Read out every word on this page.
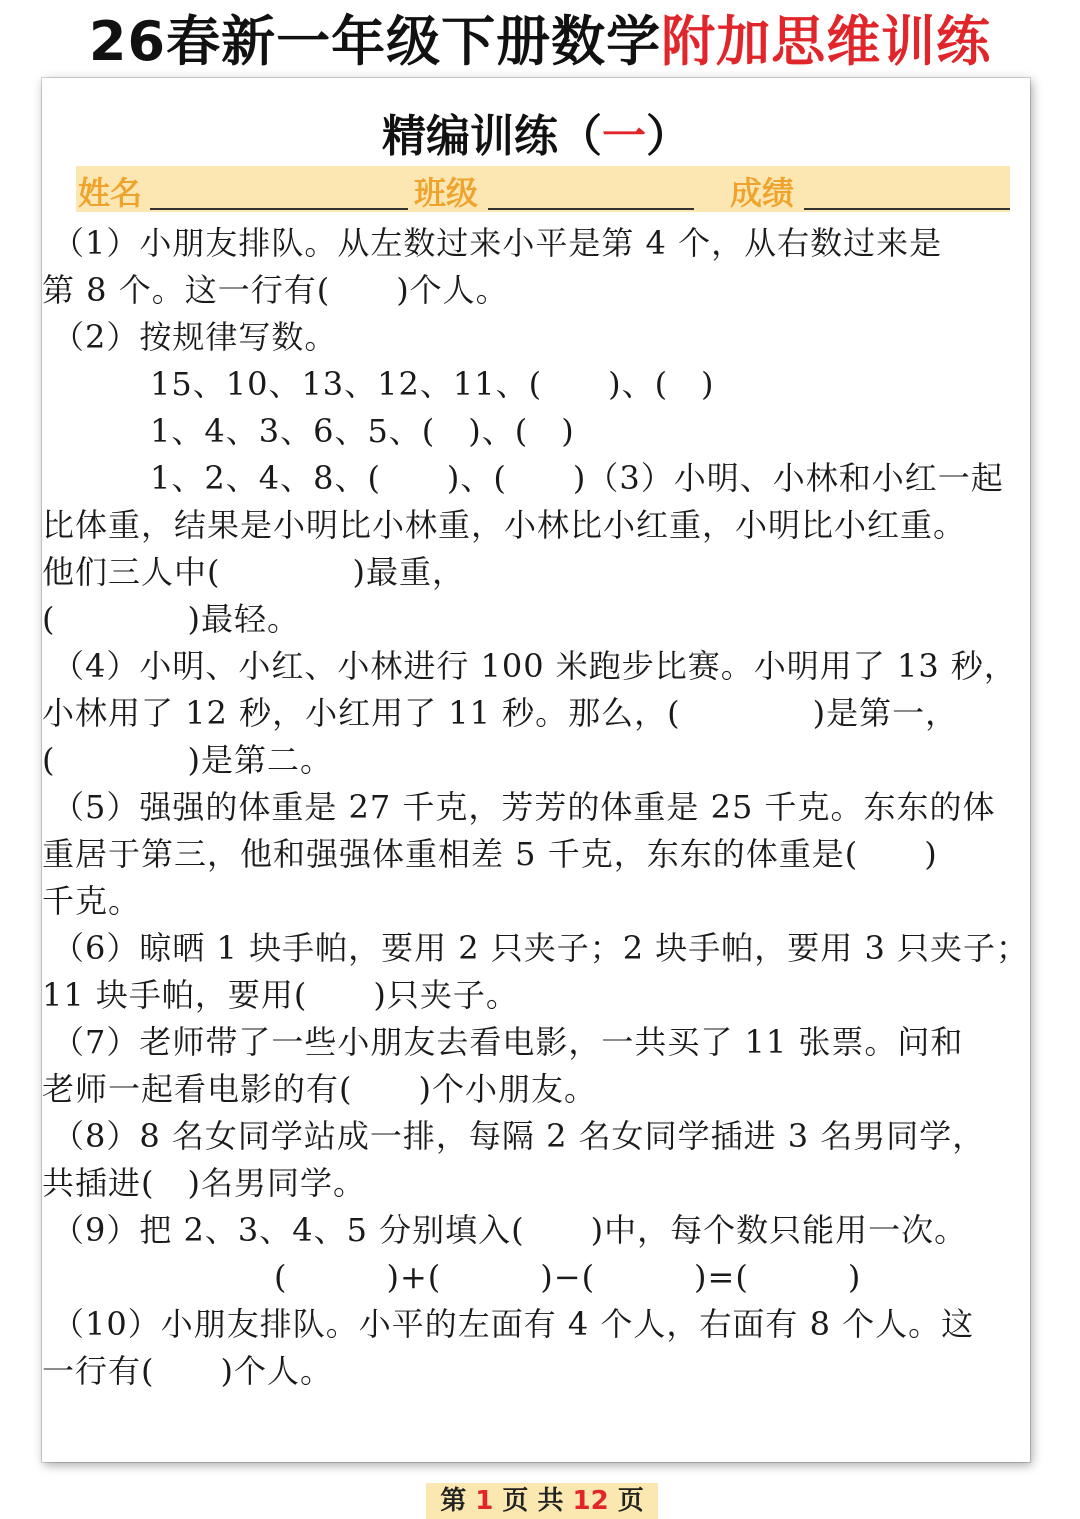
26春新一年级下册数学附加思维训练
精编训练（一）
姓名	班级	成绩
（1）小朋友排队。从左数过来小平是第 4 个，从右数过来是
第 8 个。这一行有(　　)个人。
（2）按规律写数。
15、10、13、12、11、(　　)、(　)
1、4、3、6、5、(　)、(　)
1、2、4、8、(　　)、(　　)（3）小明、小林和小红一起
比体重，结果是小明比小林重，小林比小红重，小明比小红重。
他们三人中(　　　　)最重，
(　　　　)最轻。
（4）小明、小红、小林进行 100 米跑步比赛。小明用了 13 秒，
小林用了 12 秒，小红用了 11 秒。那么，(　　　　)是第一，
(　　　　)是第二。
（5）强强的体重是 27 千克，芳芳的体重是 25 千克。东东的体
重居于第三，他和强强体重相差 5 千克，东东的体重是(　　)
千克。
（6）晾晒 1 块手帕，要用 2 只夹子；2 块手帕，要用 3 只夹子；
11 块手帕，要用(　　)只夹子。
（7）老师带了一些小朋友去看电影，一共买了 11 张票。问和
老师一起看电影的有(　　)个小朋友。
（8）8 名女同学站成一排，每隔 2 名女同学插进 3 名男同学，
共插进(　)名男同学。
（9）把 2、3、4、5 分别填入(　　)中，每个数只能用一次。
(　　　)+(　　　)−(　　　)=(　　　)
（10）小朋友排队。小平的左面有 4 个人，右面有 8 个人。这
一行有(　　)个人。
第 1 页 共 12 页
